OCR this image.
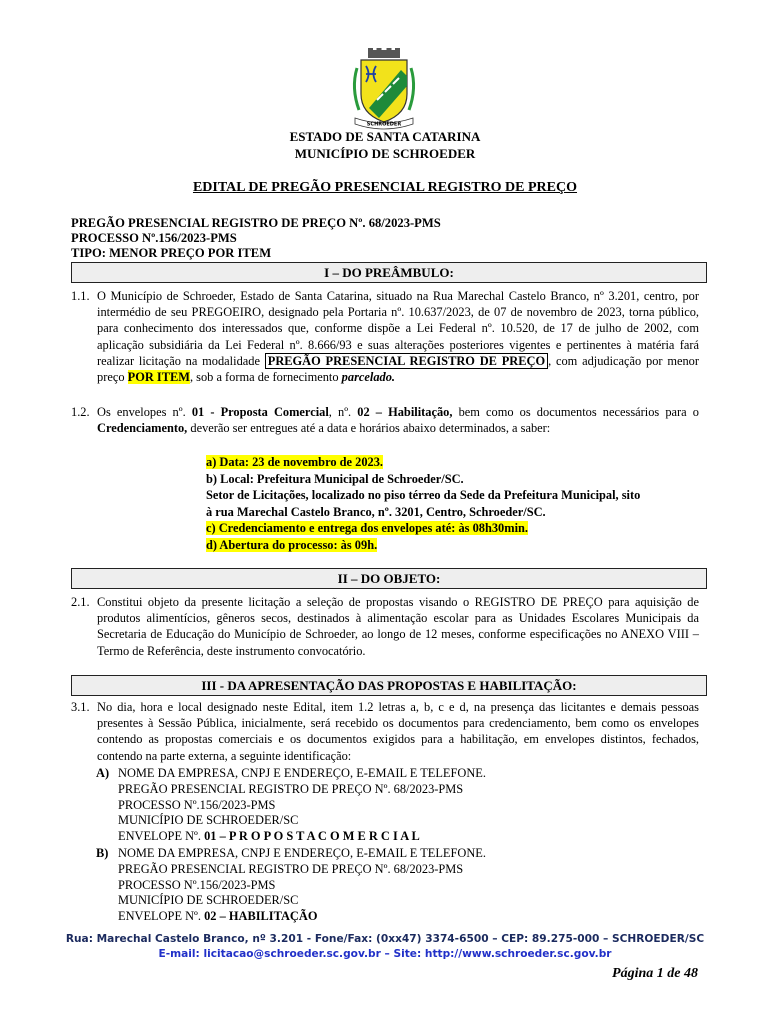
SCHROEDER
ESTADO DE SANTA CATARINA
MUNICÍPIO DE SCHROEDER
EDITAL DE PREGÃO PRESENCIAL REGISTRO DE PREÇO
PREGÃO PRESENCIAL REGISTRO DE PREÇO Nº. 68/2023-PMS
PROCESSO Nº.156/2023-PMS
TIPO: MENOR PREÇO POR ITEM
I – DO PREÂMBULO:
1.1. O Município de Schroeder, Estado de Santa Catarina, situado na Rua Marechal Castelo Branco, nº 3.201, centro, por intermédio de seu PREGOEIRO, designado pela Portaria nº. 10.637/2023, de 07 de novembro de 2023, torna público, para conhecimento dos interessados que, conforme dispõe a Lei Federal nº. 10.520, de 17 de julho de 2002, com aplicação subsidiária da Lei Federal nº. 8.666/93 e suas alterações posteriores vigentes e pertinentes à matéria fará realizar licitação na modalidade PREGÃO PRESENCIAL REGISTRO DE PREÇO , com adjudicação por menor preço POR ITEM, sob a forma de fornecimento parcelado.
1.2. Os envelopes nº. 01 - Proposta Comercial, nº. 02 – Habilitação, bem como os documentos necessários para o Credenciamento, deverão ser entregues até a data e horários abaixo determinados, a saber:
a) Data: 23 de novembro de 2023.
b) Local: Prefeitura Municipal de Schroeder/SC.
Setor de Licitações, localizado no piso térreo da Sede da Prefeitura Municipal, sito
à rua Marechal Castelo Branco, nº. 3201, Centro, Schroeder/SC.
c) Credenciamento e entrega dos envelopes até: às 08h30min.
d) Abertura do processo: às 09h.
II – DO OBJETO:
2.1. Constitui objeto da presente licitação a seleção de propostas visando o REGISTRO DE PREÇO para aquisição de produtos alimentícios, gêneros secos, destinados à alimentação escolar para as Unidades Escolares Municipais da Secretaria de Educação do Município de Schroeder, ao longo de 12 meses, conforme especificações no ANEXO VIII – Termo de Referência, deste instrumento convocatório.
III - DA APRESENTAÇÃO DAS PROPOSTAS E HABILITAÇÃO:
3.1. No dia, hora e local designado neste Edital, item 1.2 letras a, b, c e d, na presença das licitantes e demais pessoas presentes à Sessão Pública, inicialmente, será recebido os documentos para credenciamento, bem como os envelopes contendo as propostas comerciais e os documentos exigidos para a habilitação, em envelopes distintos, fechados, contendo na parte externa, a seguinte identificação:
A) NOME DA EMPRESA, CNPJ E ENDEREÇO, E-EMAIL E TELEFONE.
PREGÃO PRESENCIAL REGISTRO DE PREÇO Nº. 68/2023-PMS
PROCESSO Nº.156/2023-PMS
MUNICÍPIO DE SCHROEDER/SC
ENVELOPE Nº. 01 – P R O P O S T A C O M E R C I A L
B) NOME DA EMPRESA, CNPJ E ENDEREÇO, E-EMAIL E TELEFONE.
PREGÃO PRESENCIAL REGISTRO DE PREÇO Nº. 68/2023-PMS
PROCESSO Nº.156/2023-PMS
MUNICÍPIO DE SCHROEDER/SC
ENVELOPE Nº. 02 – HABILITAÇÃO
Rua: Marechal Castelo Branco, nº 3.201 - Fone/Fax: (0xx47) 3374-6500 – CEP: 89.275-000 – SCHROEDER/SC
E-mail: licitacao@schroeder.sc.gov.br – Site: http://www.schroeder.sc.gov.br
Página 1 de 48
